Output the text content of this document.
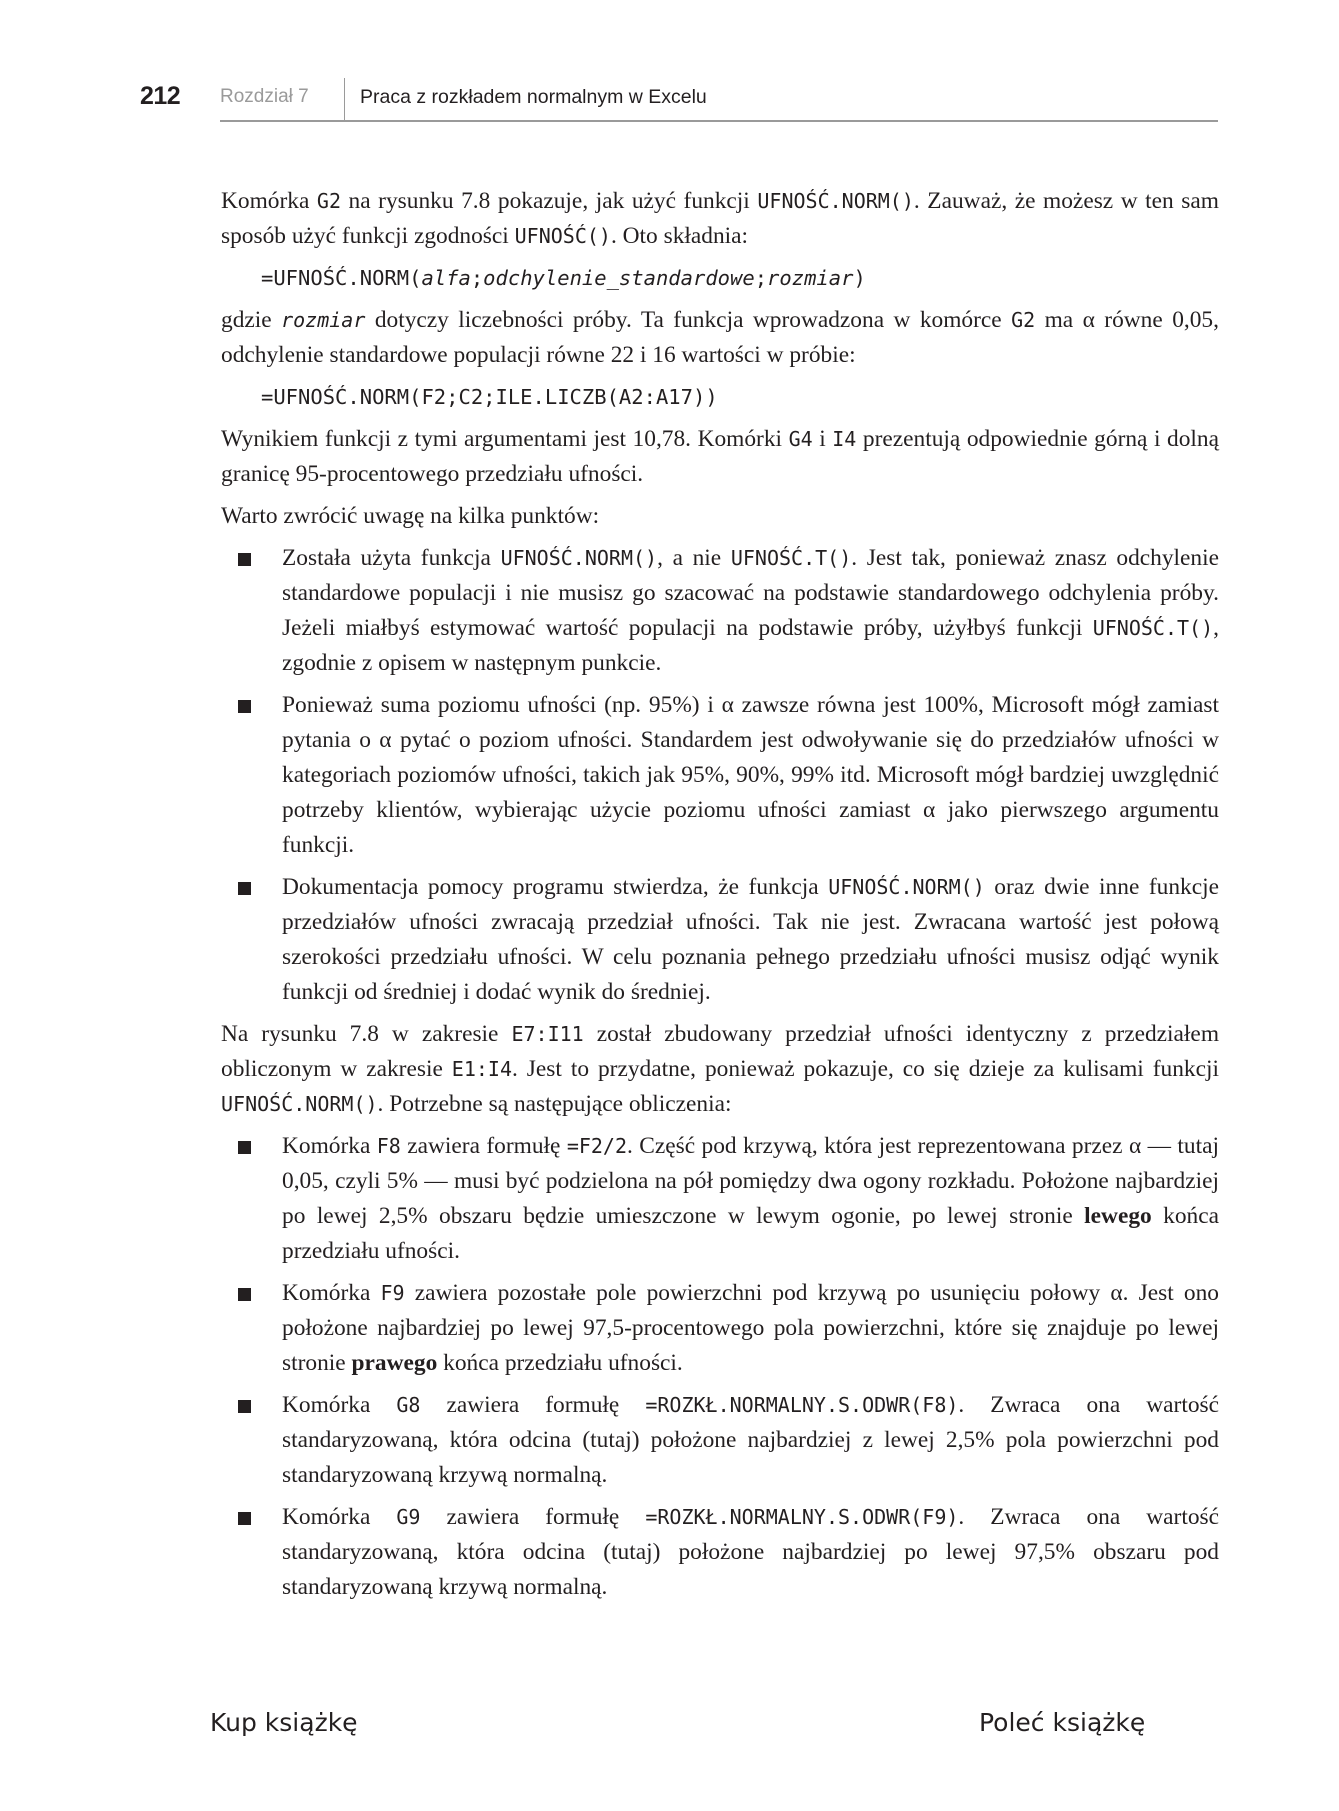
212 Rozdział 7	Praca z rozkładem normalnym w Excelu

Komórka G2 na rysunku 7.8 pokazuje, jak użyć funkcji UFNOŚĆ.NORM(). Zauważ, że możesz w ten sam sposób użyć funkcji zgodności UFNOŚĆ(). Oto składnia:

=UFNOŚĆ.NORM(alfa;odchylenie_standardowe;rozmiar)

gdzie rozmiar dotyczy liczebności próby. Ta funkcja wprowadzona w komórce G2 ma α równe 0,05, odchylenie standardowe populacji równe 22 i 16 wartości w próbie:

=UFNOŚĆ.NORM(F2;C2;ILE.LICZB(A2:A17))

Wynikiem funkcji z tymi argumentami jest 10,78. Komórki G4 i I4 prezentują odpowiednie górną i dolną granicę 95-procentowego przedziału ufności.

Warto zwrócić uwagę na kilka punktów:

Została użyta funkcja UFNOŚĆ.NORM(), a nie UFNOŚĆ.T(). Jest tak, ponieważ znasz odchylenie standardowe populacji i nie musisz go szacować na podstawie standardowego odchylenia próby. Jeżeli miałbyś estymować wartość populacji na podstawie próby, użyłbyś funkcji UFNOŚĆ.T(), zgodnie z opisem w następnym punkcie.
Ponieważ suma poziomu ufności (np. 95%) i α zawsze równa jest 100%, Microsoft mógł zamiast pytania o α pytać o poziom ufności. Standardem jest odwoływanie się do przedziałów ufności w kategoriach poziomów ufności, takich jak 95%, 90%, 99% itd. Microsoft mógł bardziej uwzględnić potrzeby klientów, wybierając użycie poziomu ufności zamiast α jako pierwszego argumentu funkcji.
Dokumentacja pomocy programu stwierdza, że funkcja UFNOŚĆ.NORM() oraz dwie inne funkcje przedziałów ufności zwracają przedział ufności. Tak nie jest. Zwracana wartość jest połową szerokości przedziału ufności. W celu poznania pełnego przedziału ufności musisz odjąć wynik funkcji od średniej i dodać wynik do średniej.

Na rysunku 7.8 w zakresie E7:I11 został zbudowany przedział ufności identyczny z przedziałem obliczonym w zakresie E1:I4. Jest to przydatne, ponieważ pokazuje, co się dzieje za kulisami funkcji UFNOŚĆ.NORM(). Potrzebne są następujące obliczenia:

Komórka F8 zawiera formułę =F2/2. Część pod krzywą, która jest reprezentowana przez α — tutaj 0,05, czyli 5% — musi być podzielona na pół pomiędzy dwa ogony rozkładu. Położone najbardziej po lewej 2,5% obszaru będzie umieszczone w lewym ogonie, po lewej stronie lewego końca przedziału ufności.
Komórka F9 zawiera pozostałe pole powierzchni pod krzywą po usunięciu połowy α. Jest ono położone najbardziej po lewej 97,5-procentowego pola powierzchni, które się znajduje po lewej stronie prawego końca przedziału ufności.
Komórka G8 zawiera formułę =ROZKŁ.NORMALNY.S.ODWR(F8). Zwraca ona wartość standaryzowaną, która odcina (tutaj) położone najbardziej z lewej 2,5% pola powierzchni pod standaryzowaną krzywą normalną.
Komórka G9 zawiera formułę =ROZKŁ.NORMALNY.S.ODWR(F9). Zwraca ona wartość standaryzowaną, która odcina (tutaj) położone najbardziej po lewej 97,5% obszaru pod standaryzowaną krzywą normalną.
Kup książkę	Poleć książkę
